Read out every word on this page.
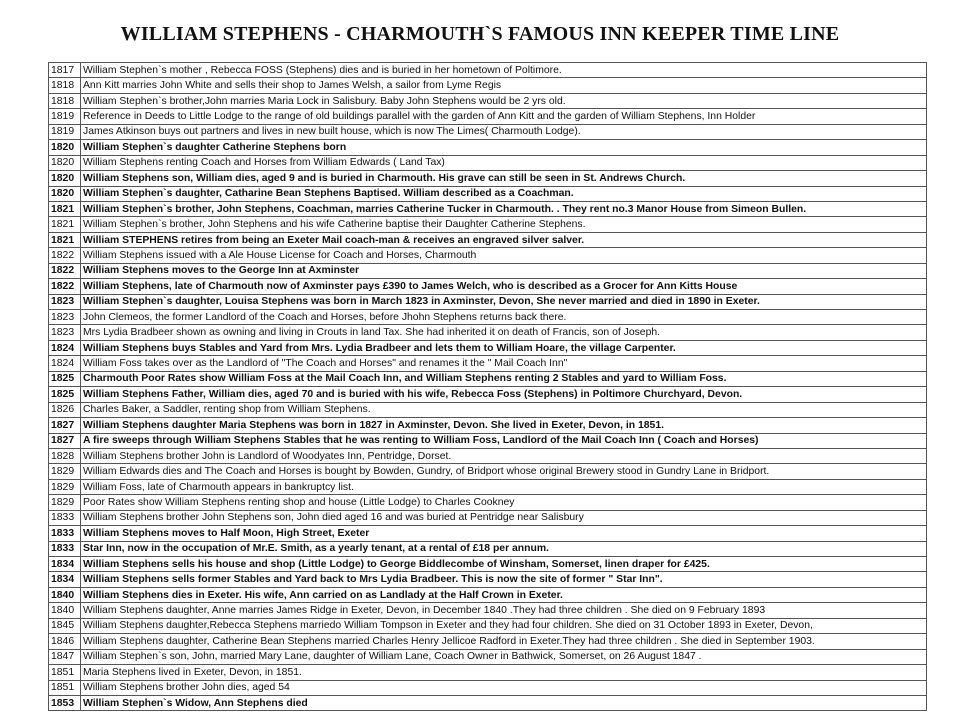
WILLIAM STEPHENS - CHARMOUTH`S FAMOUS INN KEEPER TIME LINE
1817	William Stephen`s mother , Rebecca FOSS (Stephens) dies and is buried in her hometown of Poltimore.
1818	Ann Kitt marries John White and sells their shop to James Welsh, a sailor from Lyme Regis
1818	William Stephen`s brother,John marries Maria Lock in Salisbury. Baby John Stephens would be 2 yrs old.
1819	Reference in Deeds to Little Lodge to the range of old buildings parallel with the garden of Ann Kitt and the garden of William Stephens, Inn Holder
1819	James Atkinson buys out partners and lives in new built house, which is now The Limes( Charmouth Lodge).
1820	William Stephen`s daughter Catherine Stephens born
1820	William Stephens renting Coach and Horses from William Edwards ( Land Tax)
1820	William Stephens son, William dies, aged 9 and is buried in Charmouth. His grave can still be seen in St. Andrews Church.
1820	William Stephen`s daughter, Catharine Bean Stephens Baptised. William described as a Coachman.
1821	William Stephen`s brother, John Stephens, Coachman, marries Catherine Tucker in Charmouth. . They rent no.3 Manor House from Simeon Bullen.
1821	William Stephen`s brother, John Stephens and his wife Catherine baptise their Daughter Catherine Stephens.
1821	William STEPHENS retires from being an Exeter Mail coach-man & receives an engraved silver salver.
1822	William Stephens issued with a Ale House License for Coach and Horses, Charmouth
1822	William Stephens moves to the George Inn at Axminster
1822	William Stephens, late of Charmouth now of Axminster pays £390 to James Welch, who is described as a Grocer for Ann Kitts House
1823	William Stephen`s daughter, Louisa Stephens was born in March 1823 in Axminster, Devon, She never married and died in 1890 in Exeter.
1823	John Clemeos, the former Landlord of the Coach and Horses, before Jhohn Stephens returns back there.
1823	Mrs Lydia Bradbeer shown as owning and living in Crouts in land Tax. She had inherited it on death of Francis, son of Joseph.
1824	William Stephens buys Stables and Yard from Mrs. Lydia Bradbeer and lets them to William Hoare, the village Carpenter.
1824	William Foss takes over as the Landlord of "The Coach and Horses" and renames it the " Mail Coach Inn"
1825	Charmouth Poor Rates show William Foss at the Mail Coach Inn, and William Stephens renting 2 Stables and yard to William Foss.
1825	William Stephens Father, William dies, aged 70 and is buried with his wife, Rebecca Foss (Stephens) in Poltimore Churchyard, Devon.
1826	Charles Baker, a Saddler, renting shop from William Stephens.
1827	William Stephens daughter Maria Stephens was born in 1827 in Axminster, Devon. She lived in Exeter, Devon, in 1851.
1827	A fire sweeps through William Stephens Stables that he was renting to William Foss, Landlord of the Mail Coach Inn ( Coach and Horses)
1828	William Stephens brother John is Landlord of Woodyates Inn, Pentridge, Dorset.
1829	William Edwards dies and The Coach and Horses is bought by Bowden, Gundry, of Bridport whose original Brewery stood in Gundry Lane in Bridport.
1829	William Foss, late of Charmouth appears in bankruptcy list.
1829	Poor Rates show William Stephens renting shop and house (Little Lodge) to Charles Cookney
1833	William Stephens brother John Stephens son, John died aged 16 and was buried at Pentridge near Salisbury
1833	William Stephens moves to Half Moon, High Street, Exeter
1833	Star Inn, now in the occupation of Mr.E. Smith, as a yearly tenant, at a rental of £18 per annum.
1834	William Stephens sells his house and shop (Little Lodge) to George Biddlecombe of Winsham, Somerset, linen draper for £425.
1834	William Stephens sells former Stables and Yard back to Mrs Lydia Bradbeer. This is now the site of former " Star Inn".
1840	William Stephens dies in Exeter. His wife, Ann carried on as Landlady at the Half Crown in Exeter.
1840	William Stephens daughter, Anne marries James Ridge in Exeter, Devon, in December 1840 .They had three children . She died on 9 February 1893
1845	William Stephens daughter,Rebecca Stephens marriedo William Tompson in Exeter and they had four children. She died on 31 October 1893 in Exeter, Devon,
1846	William Stephens daughter, Catherine Bean Stephens married Charles Henry Jellicoe Radford in Exeter.They had three children . She died in September 1903.
1847	William Stephen`s son, John, married Mary Lane, daughter of William Lane, Coach Owner in Bathwick, Somerset, on 26 August 1847 .
1851	Maria Stephens lived in Exeter, Devon, in 1851.
1851	William Stephens brother John dies, aged 54
1853	William Stephen`s Widow, Ann Stephens died
